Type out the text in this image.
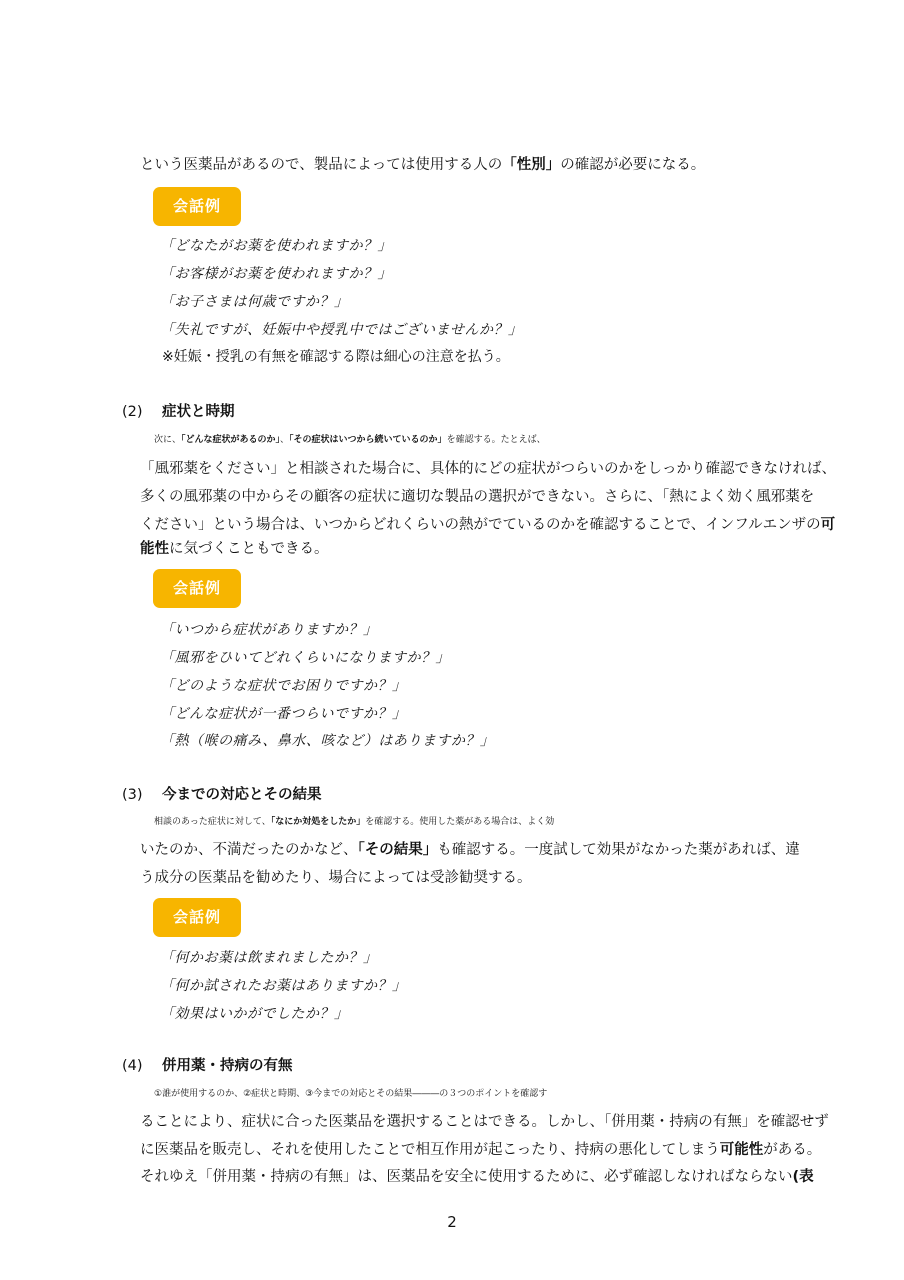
という医薬品があるので、製品によっては使用する人の「性別」の確認が必要になる。
会話例
「どなたがお薬を使われますか？」
「お客様がお薬を使われますか？」
「お子さまは何歳ですか？」
「失礼ですが、妊娠中や授乳中ではございませんか？」
※妊娠・授乳の有無を確認する際は細心の注意を払う。
(2) 症状と時期
次に、「どんな症状があるのか」、「その症状はいつから続いているのか」を確認する。たとえば、
「風邪薬をください」と相談された場合に、具体的にどの症状がつらいのかをしっかり確認できなければ、
多くの風邪薬の中からその顧客の症状に適切な製品の選択ができない。さらに、「熱によく効く風邪薬を
ください」という場合は、いつからどれくらいの熱がでているのかを確認することで、インフルエンザの可
能性に気づくこともできる。
会話例
「いつから症状がありますか？」
「風邪をひいてどれくらいになりますか？」
「どのような症状でお困りですか？」
「どんな症状が一番つらいですか？」
「熱（喉の痛み、鼻水、咳など）はありますか？」
(3) 今までの対応とその結果
相談のあった症状に対して、「なにか対処をしたか」を確認する。使用した薬がある場合は、よく効
いたのか、不満だったのかなど、「その結果」も確認する。一度試して効果がなかった薬があれば、違
う成分の医薬品を勧めたり、場合によっては受診勧奨する。
会話例
「何かお薬は飲まれましたか？」
「何か試されたお薬はありますか？」
「効果はいかがでしたか？」
(4) 併用薬・持病の有無
①誰が使用するのか、②症状と時期、③今までの対応とその結果―――の３つのポイントを確認す
ることにより、症状に合った医薬品を選択することはできる。しかし、「併用薬・持病の有無」を確認せず
に医薬品を販売し、それを使用したことで相互作用が起こったり、持病の悪化してしまう可能性がある。
それゆえ「併用薬・持病の有無」は、医薬品を安全に使用するために、必ず確認しなければならない(表
2
